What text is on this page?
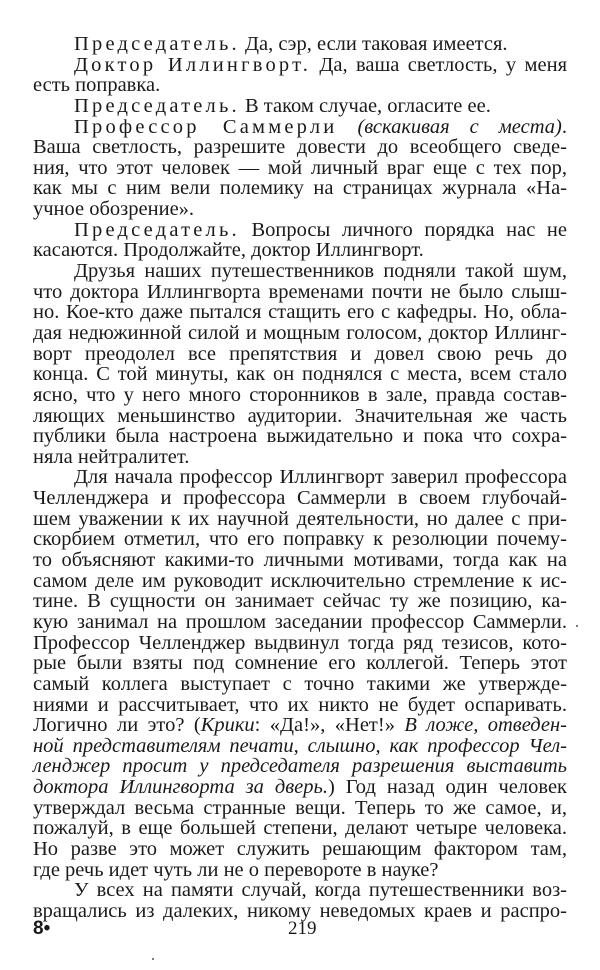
Председатель. Да, сэр, если таковая имеется.
Доктор Иллингворт. Да, ваша светлость, у меня
есть поправка.
Председатель. В таком случае, огласите ее.
Профессор Саммерли (вскакивая с места).
Ваша светлость, разрешите довести до всеобщего сведе-
ния, что этот человек — мой личный враг еще с тех пор,
как мы с ним вели полемику на страницах журнала «На-
учное обозрение».
Председатель. Вопросы личного порядка нас не
касаются. Продолжайте, доктор Иллингворт.
Друзья наших путешественников подняли такой шум,
что доктора Иллингворта временами почти не было слыш-
но. Кое-кто даже пытался стащить его с кафедры. Но, обла-
дая недюжинной силой и мощным голосом, доктор Иллинг-
ворт преодолел все препятствия и довел свою речь до
конца. С той минуты, как он поднялся с места, всем стало
ясно, что у него много сторонников в зале, правда состав-
ляющих меньшинство аудитории. Значительная же часть
публики была настроена выжидательно и пока что сохра-
няла нейтралитет.
Для начала профессор Иллингворт заверил профессора
Челленджера и профессора Саммерли в своем глубочай-
шем уважении к их научной деятельности, но далее с при-
скорбием отметил, что его поправку к резолюции почему-
то объясняют какими-то личными мотивами, тогда как на
самом деле им руководит исключительно стремление к ис-
тине. В сущности он занимает сейчас ту же позицию, ка-
кую занимал на прошлом заседании профессор Саммерли.
Профессор Челленджер выдвинул тогда ряд тезисов, кото-
рые были взяты под сомнение его коллегой. Теперь этот
самый коллега выступает с точно такими же утвержде-
ниями и рассчитывает, что их никто не будет оспаривать.
Логично ли это? (Крики: «Да!», «Нет!» В ложе, отведен-
ной представителям печати, слышно, как профессор Чел-
ленджер просит у председателя разрешения выставить
доктора Иллингворта за дверь.) Год назад один человек
утверждал весьма странные вещи. Теперь то же самое, и,
пожалуй, в еще большей степени, делают четыре человека.
Но разве это может служить решающим фактором там,
где речь идет чуть ли не о перевороте в науке?
У всех на памяти случай, когда путешественники воз-
вращались из далеких, никому неведомых краев и распро-
8•	219
